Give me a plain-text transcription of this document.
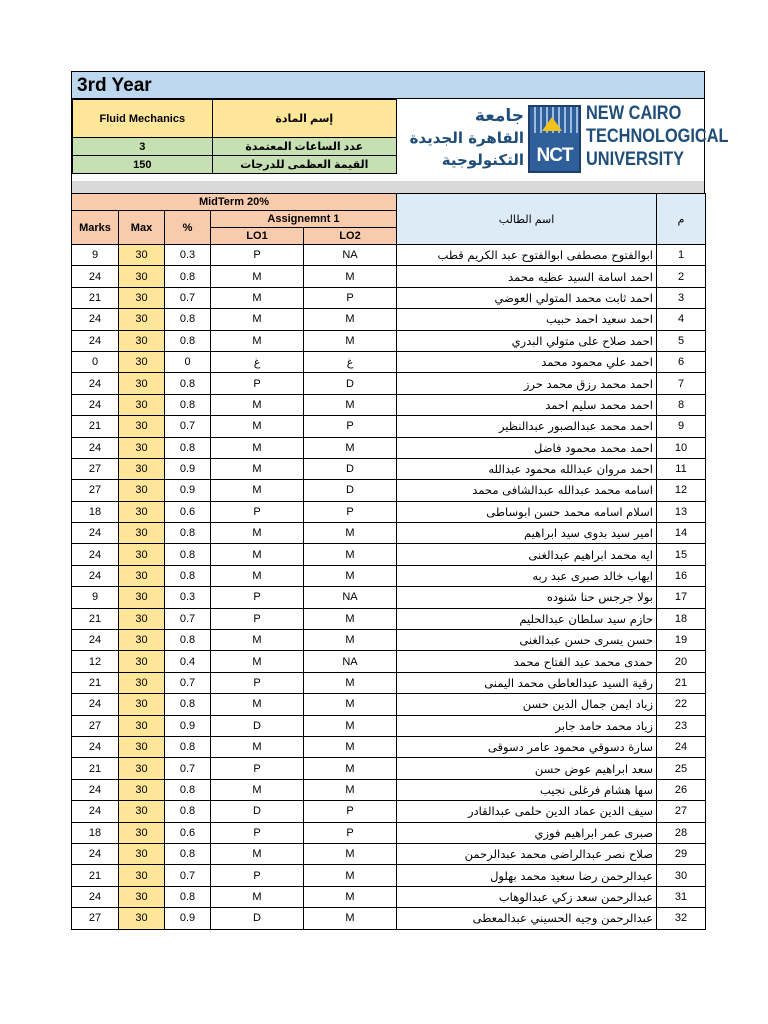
3rd Year
Fluid Mechanics	إسم المادة
3	عدد الساعات المعتمدة
150	القيمة العظمى للدرجات
جامعة
القاهرة الجديدة
التكنولوجية NCT
NEW CAIRO
TECHNOLOGICAL
UNIVERSITY
MidTerm 20%					اسم الطالب	م
Marks	Max	%	Assignemnt 1			
			LO1	LO2		
9	30	0.3	P	NA	ابوالفتوح مصطفى ابوالفتوح عبد الكريم قطب	1
24	30	0.8	M	M	احمد اسامة السيد عطيه محمد	2
21	30	0.7	M	P	احمد ثابت محمد المتولي العوضي	3
24	30	0.8	M	M	احمد سعيد احمد حبيب	4
24	30	0.8	M	M	احمد صلاح على متولي البدري	5
0	30	0	غ	غ	احمد علي محمود محمد	6
24	30	0.8	P	D	احمد محمد رزق محمد حرز	7
24	30	0.8	M	M	احمد محمد سليم احمد	8
21	30	0.7	M	P	احمد محمد عبدالصبور عبدالنظير	9
24	30	0.8	M	M	احمد محمد محمود فاضل	10
27	30	0.9	M	D	احمد مروان عبدالله محمود عبدالله	11
27	30	0.9	M	D	اسامه محمد عبدالله عبدالشافى محمد	12
18	30	0.6	P	P	اسلام اسامه محمد حسن ابوساطى	13
24	30	0.8	M	M	امير سيد بدوى سيد ابراهيم	14
24	30	0.8	M	M	ايه محمد ابراهيم عبدالغنى	15
24	30	0.8	M	M	ايهاب خالد صبرى عبد ربه	16
9	30	0.3	P	NA	بولا جرجس حنا شنوده	17
21	30	0.7	P	M	حازم سيد سلطان عبدالحليم	18
24	30	0.8	M	M	حسن يسرى حسن عبدالغنى	19
12	30	0.4	M	NA	حمدى محمد عبد الفتاح محمد	20
21	30	0.7	P	M	رقية السيد عبدالعاطى محمد اليمنى	21
24	30	0.8	M	M	زياد ايمن جمال الدين حسن	22
27	30	0.9	D	M	زياد محمد حامد جابر	23
24	30	0.8	M	M	سارة دسوقي محمود عامر دسوقى	24
21	30	0.7	P	M	سعد ابراهيم عوض حسن	25
24	30	0.8	M	M	سها هشام فرغلى نجيب	26
24	30	0.8	D	P	سيف الدين عماد الدين حلمى عبدالقادر	27
18	30	0.6	P	P	صبرى عمر ابراهيم فوزي	28
24	30	0.8	M	M	صلاح نصر عبدالراضى محمد عبدالرحمن	29
21	30	0.7	P	M	عبدالرحمن رضا سعيد محمد بهلول	30
24	30	0.8	M	M	عبدالرحمن سعد زكي عبدالوهاب	31
27	30	0.9	D	M	عبدالرحمن وجيه الحسيني عبدالمعطى	32
